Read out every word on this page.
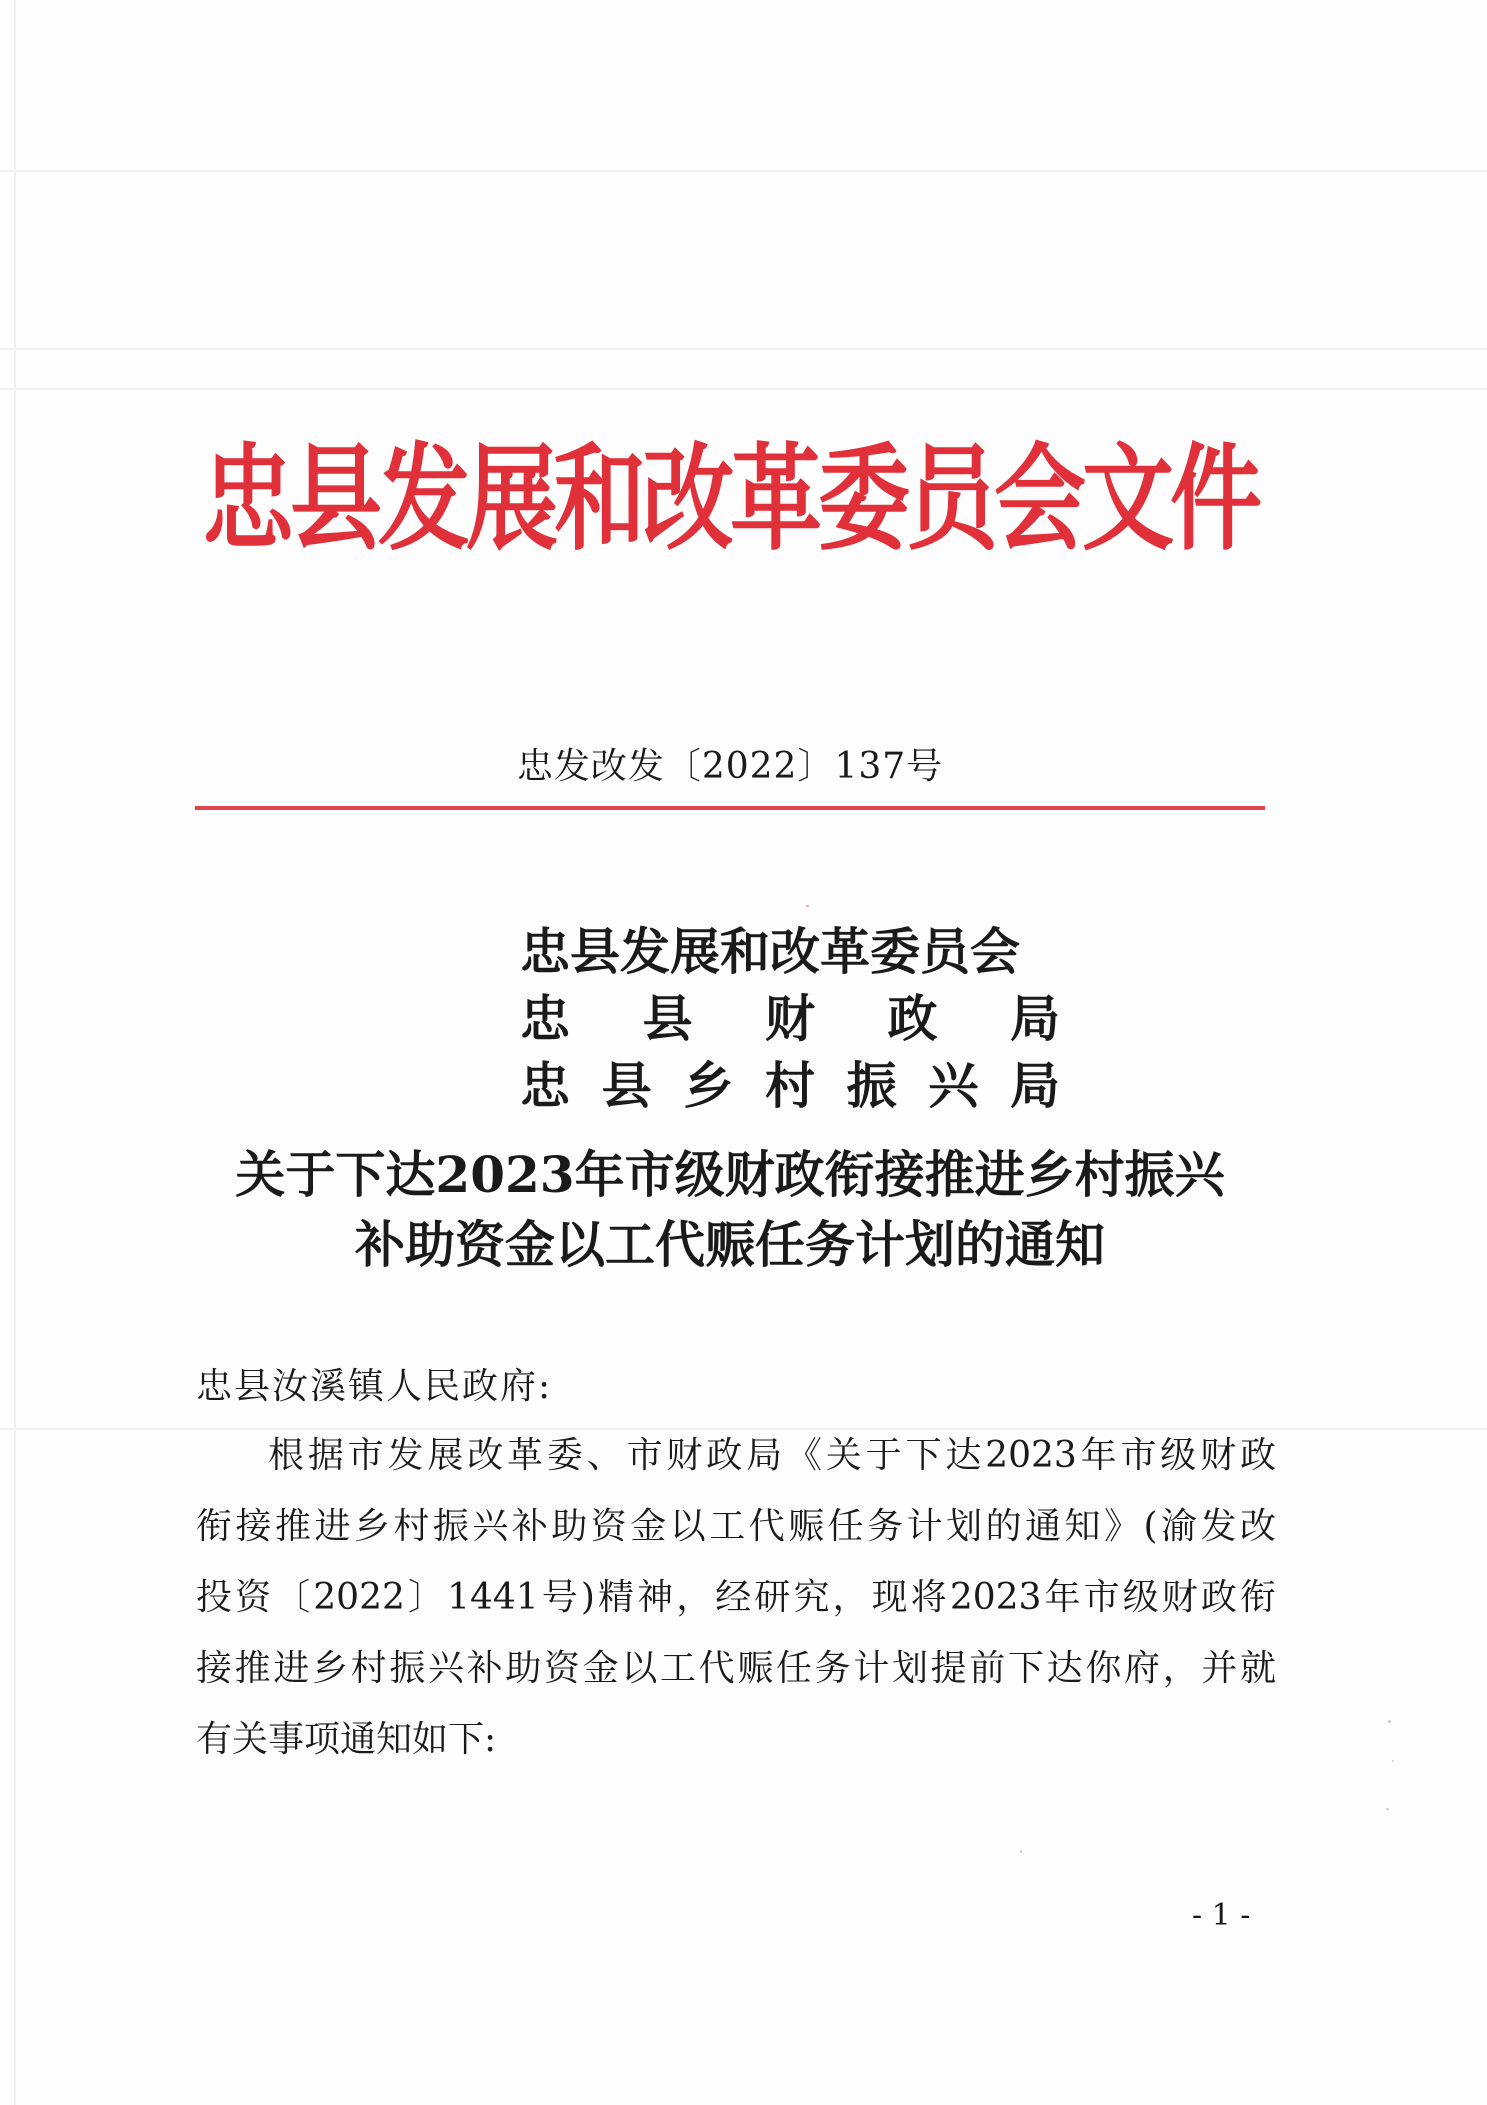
忠县发展和改革委员会文件
忠发改发〔2022〕137号
忠县发展和改革委员会
忠县财政局
忠县乡村振兴局
关于下达2023年市级财政衔接推进乡村振兴
补助资金以工代赈任务计划的通知
忠县汝溪镇人民政府:
根据市发展改革委、市财政局《关于下达2023年市级财政
衔接推进乡村振兴补助资金以工代赈任务计划的通知》(渝发改
投资〔2022〕1441号)精神，经研究，现将2023年市级财政衔
接推进乡村振兴补助资金以工代赈任务计划提前下达你府，并就
有关事项通知如下:
- 1 -
